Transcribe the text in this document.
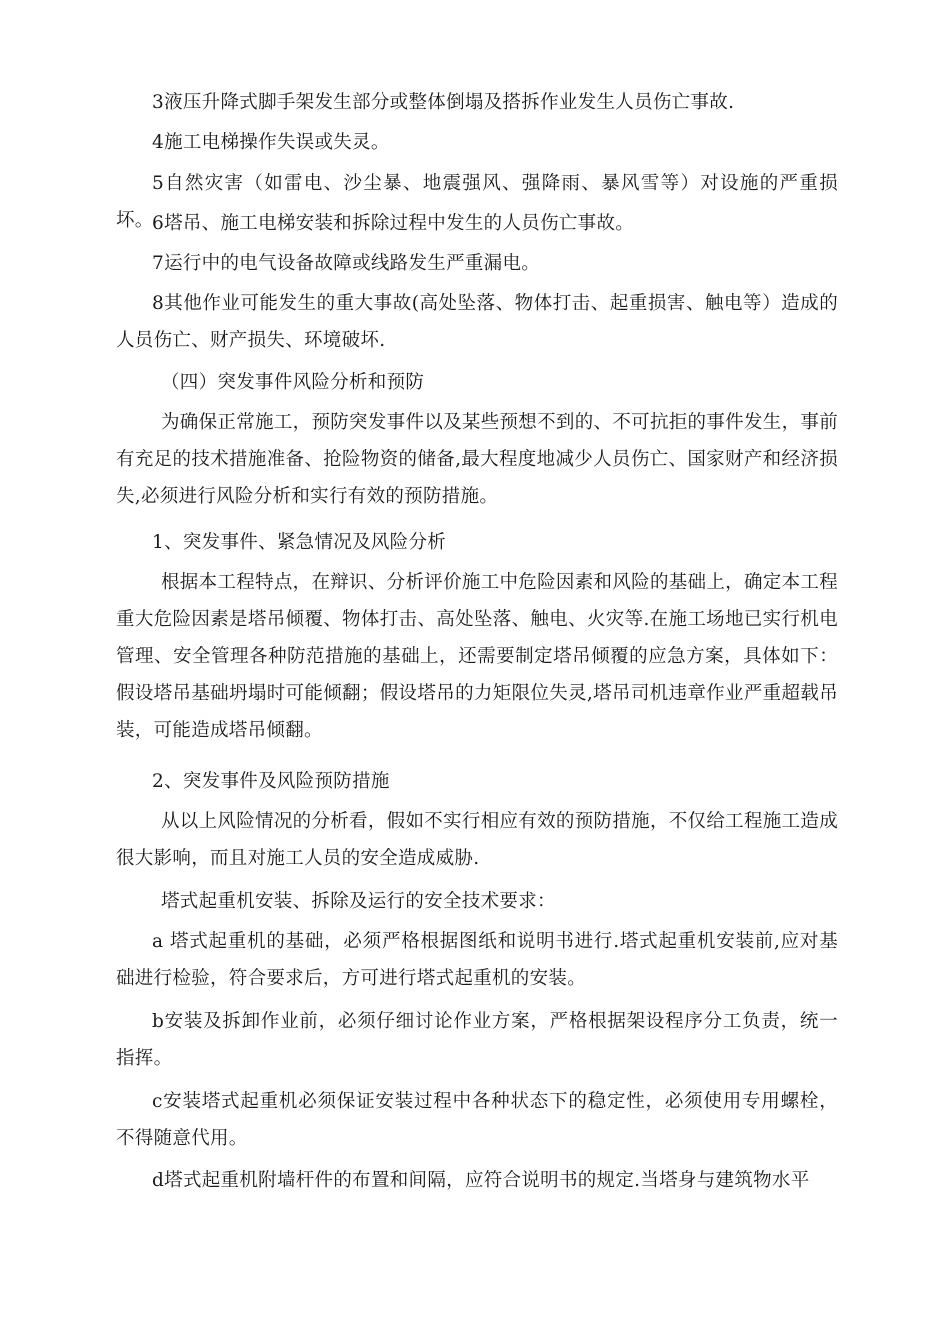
3液压升降式脚手架发生部分或整体倒塌及搭拆作业发生人员伤亡事故.

4施工电梯操作失误或失灵。

5自然灾害（如雷电、沙尘暴、地震强风、强降雨、暴风雪等）对设施的严重损坏。

6塔吊、施工电梯安装和拆除过程中发生的人员伤亡事故。

7运行中的电气设备故障或线路发生严重漏电。

8其他作业可能发生的重大事故(高处坠落、物体打击、起重损害、触电等）造成的人员伤亡、财产损失、环境破坏.

（四）突发事件风险分析和预防

为确保正常施工，预防突发事件以及某些预想不到的、不可抗拒的事件发生，事前有充足的技术措施准备、抢险物资的储备,最大程度地减少人员伤亡、国家财产和经济损失,必须进行风险分析和实行有效的预防措施。

1、突发事件、紧急情况及风险分析

根据本工程特点，在辩识、分析评价施工中危险因素和风险的基础上，确定本工程重大危险因素是塔吊倾覆、物体打击、高处坠落、触电、火灾等.在施工场地已实行机电管理、安全管理各种防范措施的基础上，还需要制定塔吊倾覆的应急方案，具体如下：假设塔吊基础坍塌时可能倾翻；假设塔吊的力矩限位失灵,塔吊司机违章作业严重超载吊装，可能造成塔吊倾翻。

2、突发事件及风险预防措施

从以上风险情况的分析看，假如不实行相应有效的预防措施，不仅给工程施工造成很大影响，而且对施工人员的安全造成威胁.

塔式起重机安装、拆除及运行的安全技术要求：

a 塔式起重机的基础，必须严格根据图纸和说明书进行.塔式起重机安装前,应对基础进行检验，符合要求后，方可进行塔式起重机的安装。

b安装及拆卸作业前，必须仔细讨论作业方案，严格根据架设程序分工负责，统一指挥。

c安装塔式起重机必须保证安装过程中各种状态下的稳定性，必须使用专用螺栓，不得随意代用。

d塔式起重机附墙杆件的布置和间隔，应符合说明书的规定.当塔身与建筑物水平
